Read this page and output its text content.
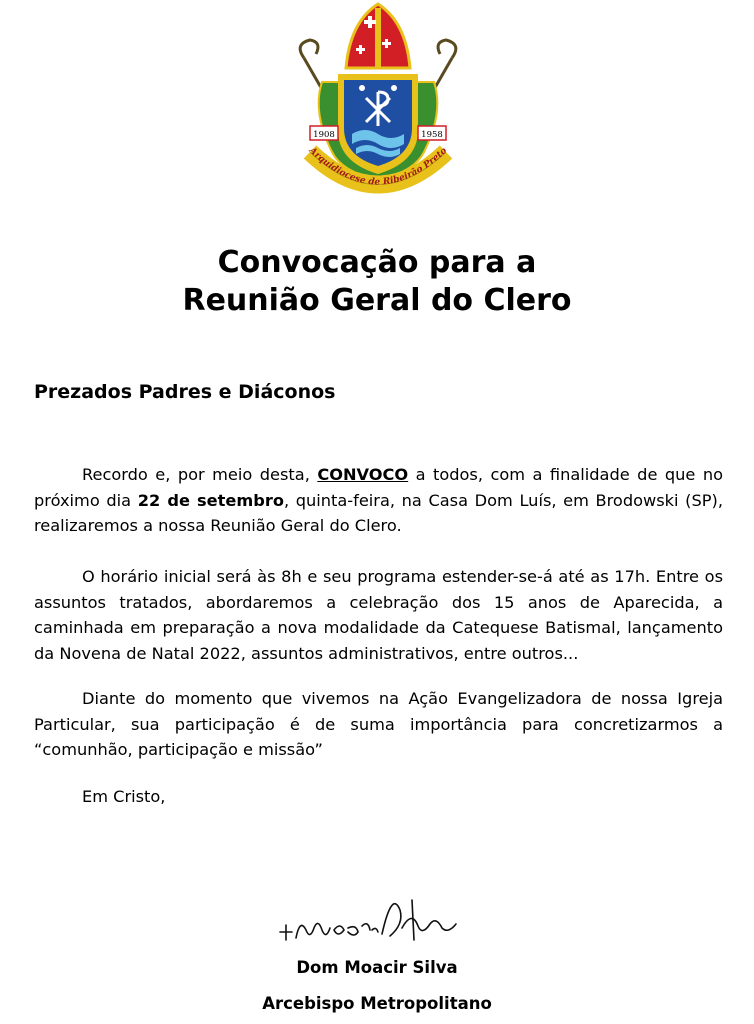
1908	1958
Arquidiocese de Ribeirão Preto
Convocação para a
Reunião Geral do Clero
Prezados Padres e Diáconos
Recordo e, por meio desta, CONVOCO a todos, com a finalidade de que no próximo dia 22 de setembro, quinta-feira, na Casa Dom Luís, em Brodowski (SP), realizaremos a nossa Reunião Geral do Clero.
O horário inicial será às 8h e seu programa estender-se-á até as 17h. Entre os assuntos tratados, abordaremos a celebração dos 15 anos de Aparecida, a caminhada em preparação a nova modalidade da Catequese Batismal, lançamento da Novena de Natal 2022, assuntos administrativos, entre outros...
Diante do momento que vivemos na Ação Evangelizadora de nossa Igreja Particular, sua participação é de suma importância para concretizarmos a “comunhão, participação e missão”
Em Cristo,
Dom Moacir Silva
Arcebispo Metropolitano
